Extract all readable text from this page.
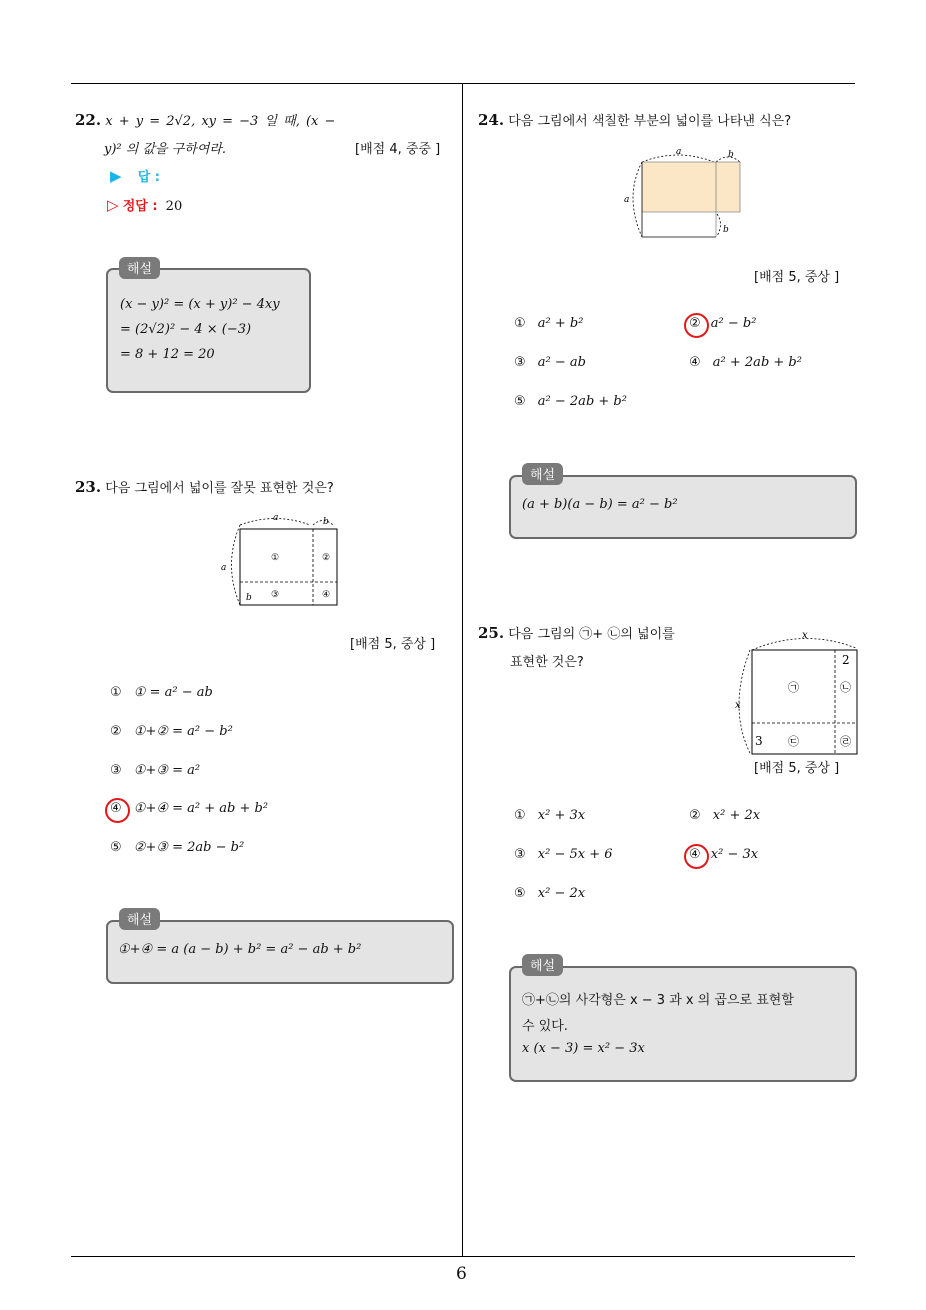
22. x + y = 2√2, xy = −3 일 때, (x −
y)² 의 값을 구하여라.	[배점 4, 중중 ]
▶ 답 :
▷ 정답 : 20
해설
(x − y)² = (x + y)² − 4xy
= (2√2)² − 4 × (−3)
= 8 + 12 = 20
23. 다음 그림에서 넓이를 잘못 표현한 것은?
a	b
a
①	②
③	④
b
[배점 5, 중상 ]
① ① = a² − ab
② ①+② = a² − b²
③ ①+③ = a²
④ ①+④ = a² + ab + b²
⑤ ②+③ = 2ab − b²
해설
①+④ = a (a − b) + b² = a² − ab + b²
24. 다음 그림에서 색칠한 부분의 넓이를 나타낸 식은?
a	b
a
b
[배점 5, 중상 ]
① a² + b²	② a² − b²
③ a² − ab	④ a² + 2ab + b²
⑤ a² − 2ab + b²
해설
(a + b)(a − b) = a² − b²
25. 다음 그림의 ㉠+ ㉡의 넓이를
표현한 것은?
x
x
2
3
㉠	㉡
㉢	㉣
[배점 5, 중상 ]
① x² + 3x	② x² + 2x
③ x² − 5x + 6	④ x² − 3x
⑤ x² − 2x
해설
㉠+㉡의 사각형은 x − 3 과 x 의 곱으로 표현할
수 있다.
x (x − 3) = x² − 3x
6
